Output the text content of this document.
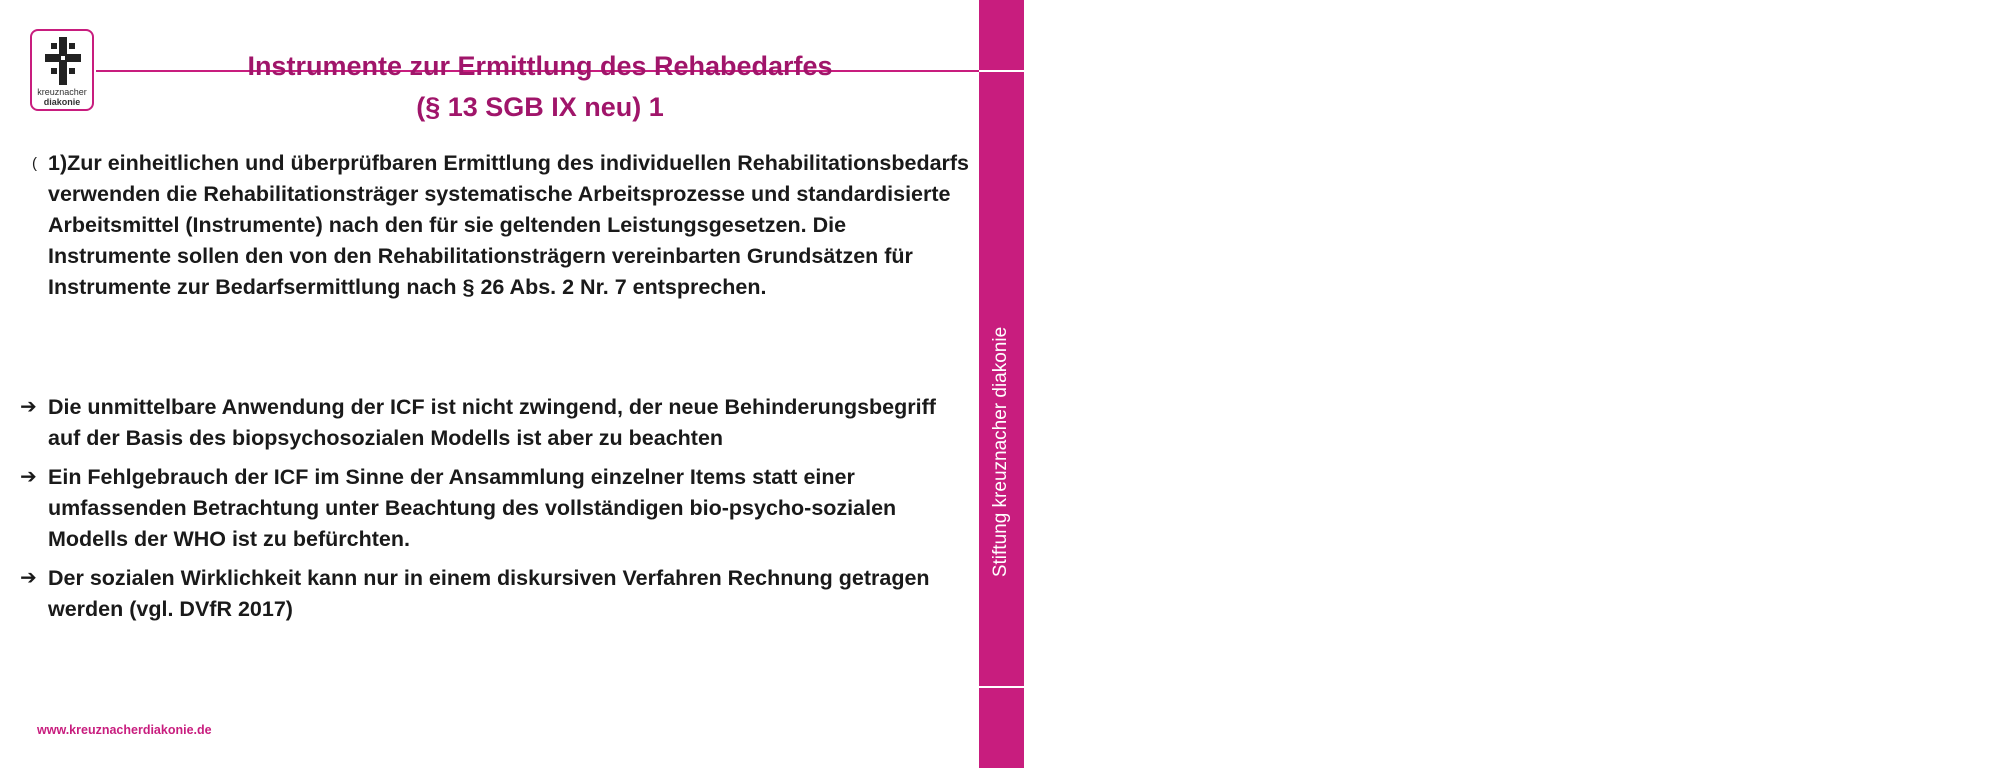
Stiftung kreuznacher diakonie
13
kreuznacher
diakonie
Instrumente zur Ermittlung des Rehabedarfes
(§ 13 SGB IX neu) 1
( 1)Zur einheitlichen und überprüfbaren Ermittlung des individuellen Rehabilitationsbedarfs verwenden die Rehabilitationsträger systematische Arbeitsprozesse und standardisierte Arbeitsmittel (Instrumente) nach den für sie geltenden Leistungsgesetzen. Die Instrumente sollen den von den Rehabilitationsträgern vereinbarten Grundsätzen für Instrumente zur Bedarfsermittlung nach § 26 Abs. 2 Nr. 7 entsprechen.
➔ Die unmittelbare Anwendung der ICF ist nicht zwingend, der neue Behinderungsbegriff auf der Basis des biopsychosozialen Modells ist aber zu beachten
➔ Ein Fehlgebrauch der ICF im Sinne der Ansammlung einzelner Items statt einer umfassenden Betrachtung unter Beachtung des vollständigen bio-psycho-sozialen Modells der WHO ist zu befürchten.
➔ Der sozialen Wirklichkeit kann nur in einem diskursiven Verfahren Rechnung getragen werden (vgl. DVfR 2017)
www.kreuznacherdiakonie.de
